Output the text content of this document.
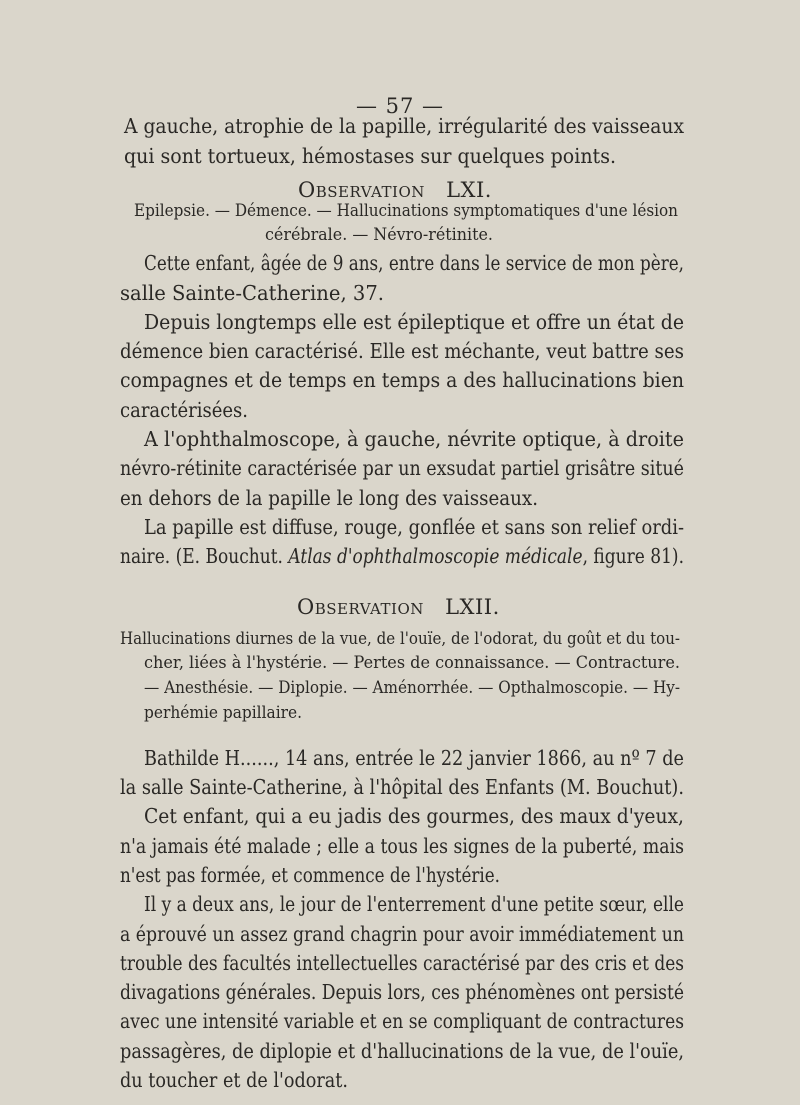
— 57 —
A gauche, atrophie de la papille, irrégularité des vaisseaux
qui sont tortueux, hémostases sur quelques points.
Observation LXI.
Epilepsie. — Démence. — Hallucinations symptomatiques d'une lésion
cérébrale. — Névro-rétinite.
Cette enfant, âgée de 9 ans, entre dans le service de mon père,
salle Sainte-Catherine, 37.
Depuis longtemps elle est épileptique et offre un état de
démence bien caractérisé. Elle est méchante, veut battre ses
compagnes et de temps en temps a des hallucinations bien
caractérisées.
A l'ophthalmoscope, à gauche, névrite optique, à droite
névro-rétinite caractérisée par un exsudat partiel grisâtre situé
en dehors de la papille le long des vaisseaux.
La papille est diffuse, rouge, gonflée et sans son relief ordi-
naire. (E. Bouchut. Atlas d'ophthalmoscopie médicale, figure 81).
Observation LXII.
Hallucinations diurnes de la vue, de l'ouïe, de l'odorat, du goût et du tou-
cher, liées à l'hystérie. — Pertes de connaissance. — Contracture.
— Anesthésie. — Diplopie. — Aménorrhée. — Opthalmoscopie. — Hy-
perhémie papillaire.
Bathilde H......, 14 ans, entrée le 22 janvier 1866, au nº 7 de
la salle Sainte-Catherine, à l'hôpital des Enfants (M. Bouchut).
Cet enfant, qui a eu jadis des gourmes, des maux d'yeux,
n'a jamais été malade ; elle a tous les signes de la puberté, mais
n'est pas formée, et commence de l'hystérie.
Il y a deux ans, le jour de l'enterrement d'une petite sœur, elle
a éprouvé un assez grand chagrin pour avoir immédiatement un
trouble des facultés intellectuelles caractérisé par des cris et des
divagations générales. Depuis lors, ces phénomènes ont persisté
avec une intensité variable et en se compliquant de contractures
passagères, de diplopie et d'hallucinations de la vue, de l'ouïe,
du toucher et de l'odorat.
